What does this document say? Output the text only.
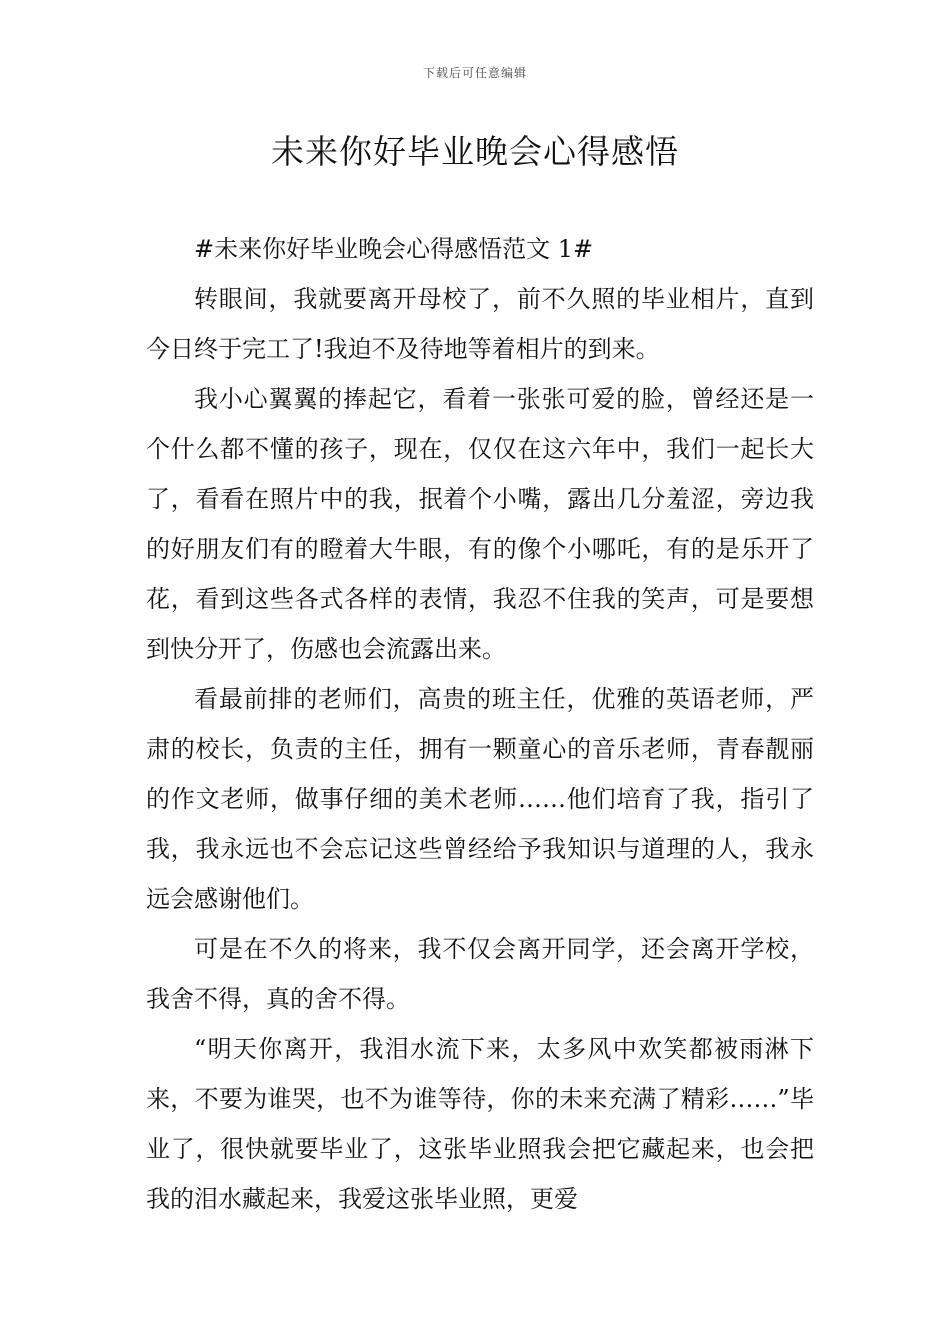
下载后可任意编辑
未来你好毕业晚会心得感悟

#未来你好毕业晚会心得感悟范文 1#

转眼间，我就要离开母校了，前不久照的毕业相片，直到今日终于完工了!我迫不及待地等着相片的到来。

我小心翼翼的捧起它，看着一张张可爱的脸，曾经还是一个什么都不懂的孩子，现在，仅仅在这六年中，我们一起长大了，看看在照片中的我，抿着个小嘴，露出几分羞涩，旁边我的好朋友们有的瞪着大牛眼，有的像个小哪吒，有的是乐开了花，看到这些各式各样的表情，我忍不住我的笑声，可是要想到快分开了，伤感也会流露出来。

看最前排的老师们，高贵的班主任，优雅的英语老师，严肃的校长，负责的主任，拥有一颗童心的音乐老师，青春靓丽的作文老师，做事仔细的美术老师……他们培育了我，指引了我，我永远也不会忘记这些曾经给予我知识与道理的人，我永远会感谢他们。

可是在不久的将来，我不仅会离开同学，还会离开学校，我舍不得，真的舍不得。

“明天你离开，我泪水流下来，太多风中欢笑都被雨淋下来，不要为谁哭，也不为谁等待，你的未来充满了精彩……”毕业了，很快就要毕业了，这张毕业照我会把它藏起来，也会把我的泪水藏起来，我爱这张毕业照，更爱
